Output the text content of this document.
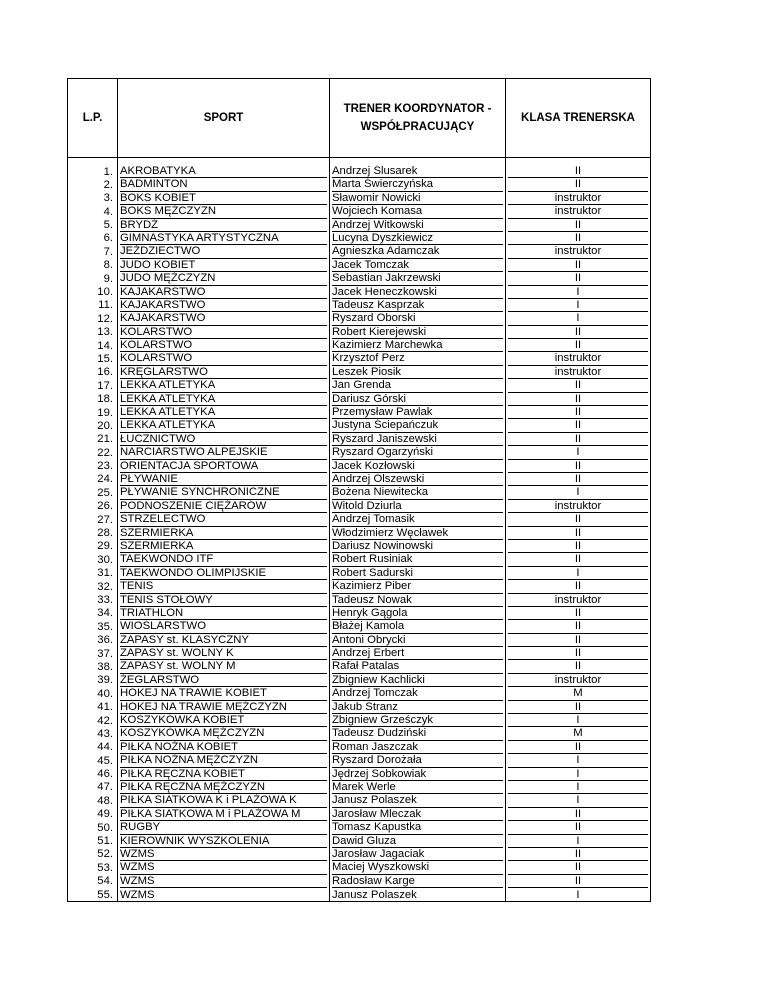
L.P.	SPORT	TRENER KOORDYNATOR -
WSPÓŁPRACUJĄCY	KLASA TRENERSKA

1.	AKROBATYKA	Andrzej Ślusarek	II

2.	BADMINTON	Marta Świerczyńska	II

3.	BOKS KOBIET	Sławomir Nowicki	instruktor

4.	BOKS MĘŻCZYZN	Wojciech Komasa	instruktor

5.	BRYDŻ	Andrzej Witkowski	II

6.	GIMNASTYKA ARTYSTYCZNA	Lucyna Dyszkiewicz	II

7.	JEŹDZIECTWO	Agnieszka Adamczak	instruktor

8.	JUDO KOBIET	Jacek Tomczak	II

9.	JUDO MĘŻCZYZN	Sebastian Jakrzewski	II

10.	KAJAKARSTWO	Jacek Heneczkowski	I

11.	KAJAKARSTWO	Tadeusz Kasprzak	I

12.	KAJAKARSTWO	Ryszard Oborski	I

13.	KOLARSTWO	Robert Kierejewski	II

14.	KOLARSTWO	Kazimierz Marchewka	II

15.	KOLARSTWO	Krzysztof Perz	instruktor

16.	KRĘGLARSTWO	Leszek Piosik	instruktor

17.	LEKKA ATLETYKA	Jan Grenda	II

18.	LEKKA ATLETYKA	Dariusz Górski	II

19.	LEKKA ATLETYKA	Przemysław Pawlak	II

20.	LEKKA ATLETYKA	Justyna Ściepańczuk	II

21.	ŁUCZNICTWO	Ryszard Janiszewski	II

22.	NARCIARSTWO ALPEJSKIE	Ryszard Ogarzyński	I

23.	ORIENTACJA SPORTOWA	Jacek Kozłowski	II

24.	PŁYWANIE	Andrzej Olszewski	II

25.	PŁYWANIE SYNCHRONICZNE	Bożena Niewitecka	I

26.	PODNOSZENIE CIĘŻARÓW	Witold Dziurla	instruktor

27.	STRZELECTWO	Andrzej Tomasik	II

28.	SZERMIERKA	Włodzimierz Węcławek	II

29.	SZERMIERKA	Dariusz Nowinowski	II

30.	TAEKWONDO ITF	Robert Rusiniak	II

31.	TAEKWONDO OLIMPIJSKIE	Robert Sadurski	I

32.	TENIS	Kazimierz Piber	II

33.	TENIS STOŁOWY	Tadeusz Nowak	instruktor

34.	TRIATHLON	Henryk Gągola	II

35.	WIOŚLARSTWO	Błażej Kamola	II

36.	ZAPASY st. KLASYCZNY	Antoni Obrycki	II

37.	ZAPASY st. WOLNY K	Andrzej Erbert	II

38.	ZAPASY st. WOLNY M	Rafał Patalas	II

39.	ŻEGLARSTWO	Zbigniew Kachlicki	instruktor

40.	HOKEJ NA TRAWIE KOBIET	Andrzej Tomczak	M

41.	HOKEJ NA TRAWIE MĘŻCZYZN	Jakub Stranz	II

42.	KOSZYKÓWKA KOBIET	Zbigniew Grześczyk	I

43.	KOSZYKÓWKA MĘŻCZYZN	Tadeusz Dudziński	M

44.	PIŁKA NOŻNA KOBIET	Roman Jaszczak	II

45.	PIŁKA NOŻNA MĘŻCZYZN	Ryszard Dorożała	I

46.	PIŁKA RĘCZNA KOBIET	Jędrzej Sobkowiak	I

47.	PIŁKA RĘCZNA MĘŻCZYZN	Marek Werle	I

48.	PIŁKA SIATKOWA K i PLAŻOWA K	Janusz Polaszek	I

49.	PIŁKA SIATKOWA M i PLAŻOWA M	Jarosław Mleczak	II

50.	RUGBY	Tomasz Kapustka	II

51.	KIEROWNIK WYSZKOLENIA	Dawid Gluza	I

52.	WZMS	Jarosław Jagaciak	II

53.	WZMS	Maciej Wyszkowski	II

54.	WZMS	Radosław Karge	II

55.	WZMS	Janusz Polaszek	I
